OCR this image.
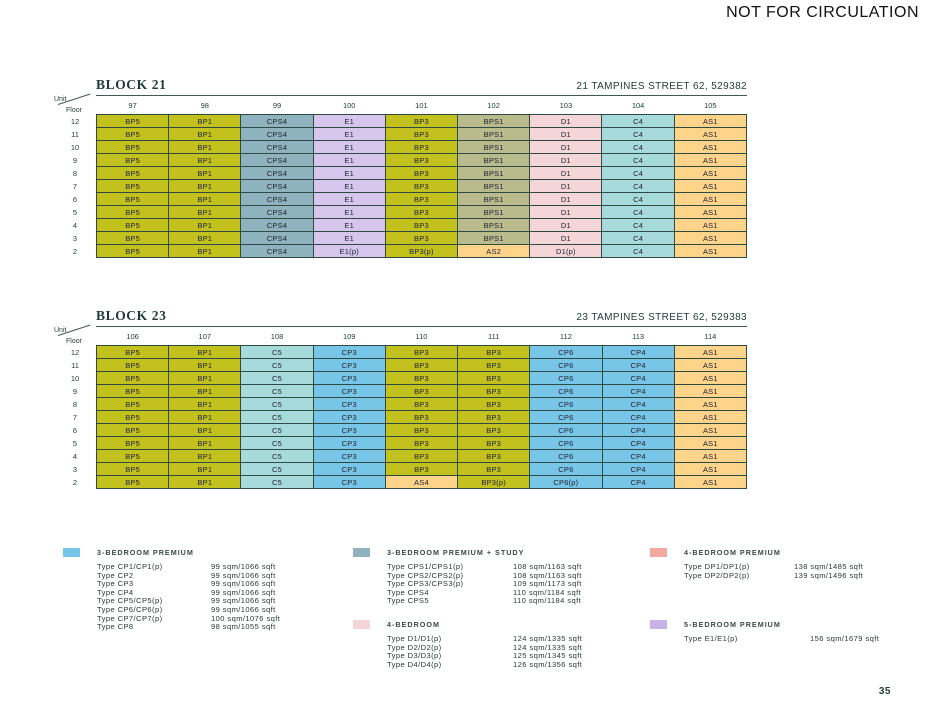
NOT FOR CIRCULATION
BLOCK 21	21 TAMPINES STREET 62, 529382
Unit
Floor	97	98	99	100	101	102	103	104	105
12	BP5	BP1	CPS4	E1	BP3	BPS1	D1	C4	AS1
11	BP5	BP1	CPS4	E1	BP3	BPS1	D1	C4	AS1
10	BP5	BP1	CPS4	E1	BP3	BPS1	D1	C4	AS1
9	BP5	BP1	CPS4	E1	BP3	BPS1	D1	C4	AS1
8	BP5	BP1	CPS4	E1	BP3	BPS1	D1	C4	AS1
7	BP5	BP1	CPS4	E1	BP3	BPS1	D1	C4	AS1
6	BP5	BP1	CPS4	E1	BP3	BPS1	D1	C4	AS1
5	BP5	BP1	CPS4	E1	BP3	BPS1	D1	C4	AS1
4	BP5	BP1	CPS4	E1	BP3	BPS1	D1	C4	AS1
3	BP5	BP1	CPS4	E1	BP3	BPS1	D1	C4	AS1
2	BP5	BP1	CPS4	E1(p)	BP3(p)	AS2	D1(p)	C4	AS1
BLOCK 23	23 TAMPINES STREET 62, 529383
Unit
Floor	106	107	108	109	110	111	112	113	114
12	BP5	BP1	C5	CP3	BP3	BP3	CP6	CP4	AS1
11	BP5	BP1	C5	CP3	BP3	BP3	CP6	CP4	AS1
10	BP5	BP1	C5	CP3	BP3	BP3	CP6	CP4	AS1
9	BP5	BP1	C5	CP3	BP3	BP3	CP6	CP4	AS1
8	BP5	BP1	C5	CP3	BP3	BP3	CP6	CP4	AS1
7	BP5	BP1	C5	CP3	BP3	BP3	CP6	CP4	AS1
6	BP5	BP1	C5	CP3	BP3	BP3	CP6	CP4	AS1
5	BP5	BP1	C5	CP3	BP3	BP3	CP6	CP4	AS1
4	BP5	BP1	C5	CP3	BP3	BP3	CP6	CP4	AS1
3	BP5	BP1	C5	CP3	BP3	BP3	CP6	CP4	AS1
2	BP5	BP1	C5	CP3	AS4	BP3(p)	CP6(p)	CP4	AS1
3-BEDROOM PREMIUM
Type CP1/CP1(p)	99 sqm/1066 sqft
Type CP2	99 sqm/1066 sqft
Type CP3	99 sqm/1066 sqft
Type CP4	99 sqm/1066 sqft
Type CP5/CP5(p)	99 sqm/1066 sqft
Type CP6/CP6(p)	99 sqm/1066 sqft
Type CP7/CP7(p)	100 sqm/1076 sqft
Type CP8	98 sqm/1055 sqft
3-BEDROOM PREMIUM + STUDY
Type CPS1/CPS1(p)	108 sqm/1163 sqft
Type CPS2/CPS2(p)	108 sqm/1163 sqft
Type CPS3/CPS3(p)	109 sqm/1173 sqft
Type CPS4	110 sqm/1184 sqft
Type CPS5	110 sqm/1184 sqft
4-BEDROOM PREMIUM
Type DP1/DP1(p)	138 sqm/1485 sqft
Type DP2/DP2(p)	139 sqm/1496 sqft
4-BEDROOM
Type D1/D1(p)	124 sqm/1335 sqft
Type D2/D2(p)	124 sqm/1335 sqft
Type D3/D3(p)	125 sqm/1345 sqft
Type D4/D4(p)	126 sqm/1356 sqft
5-BEDROOM PREMIUM
Type E1/E1(p)	156 sqm/1679 sqft
35
